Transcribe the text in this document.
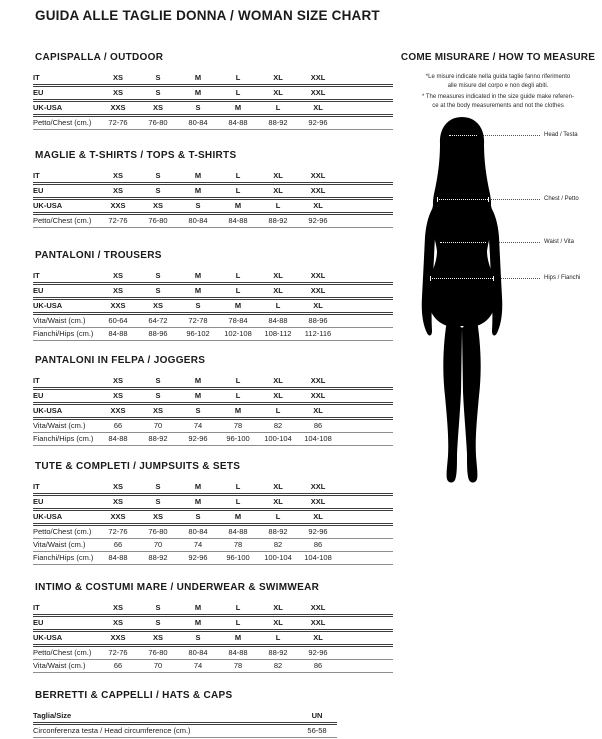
GUIDA ALLE TAGLIE DONNA / WOMAN SIZE CHART
CAPISPALLA / OUTDOOR
IT	XS	S	M	L	XL	XXL	
EU	XS	S	M	L	XL	XXL	
UK-USA	XXS	XS	S	M	L	XL	
Petto/Chest (cm.)	72-76	76-80	80-84	84-88	88-92	92-96	
MAGLIE & T-SHIRTS / TOPS & T-SHIRTS
IT	XS	S	M	L	XL	XXL	
EU	XS	S	M	L	XL	XXL	
UK-USA	XXS	XS	S	M	L	XL	
Petto/Chest (cm.)	72-76	76-80	80-84	84-88	88-92	92-96	
PANTALONI / TROUSERS
IT	XS	S	M	L	XL	XXL	
EU	XS	S	M	L	XL	XXL	
UK-USA	XXS	XS	S	M	L	XL	
Vita/Waist (cm.)	60-64	64-72	72-78	78-84	84-88	88-96	
Fianchi/Hips (cm.)	84-88	88-96	96-102	102-108	108-112	112-116	
PANTALONI IN FELPA / JOGGERS
IT	XS	S	M	L	XL	XXL	
EU	XS	S	M	L	XL	XXL	
UK-USA	XXS	XS	S	M	L	XL	
Vita/Waist (cm.)	66	70	74	78	82	86	
Fianchi/Hips (cm.)	84-88	88-92	92-96	96-100	100-104	104-108	
TUTE & COMPLETI / JUMPSUITS & SETS
IT	XS	S	M	L	XL	XXL	
EU	XS	S	M	L	XL	XXL	
UK-USA	XXS	XS	S	M	L	XL	
Petto/Chest (cm.)	72-76	76-80	80-84	84-88	88-92	92-96	
Vita/Waist (cm.)	66	70	74	78	82	86	
Fianchi/Hips (cm.)	84-88	88-92	92-96	96-100	100-104	104-108	
INTIMO & COSTUMI MARE / UNDERWEAR & SWIMWEAR
IT	XS	S	M	L	XL	XXL	
EU	XS	S	M	L	XL	XXL	
UK-USA	XXS	XS	S	M	L	XL	
Petto/Chest (cm.)	72-76	76-80	80-84	84-88	88-92	92-96	
Vita/Waist (cm.)	66	70	74	78	82	86	
BERRETTI & CAPPELLI / HATS & CAPS
Taglia/Size	UN
Circonferenza testa / Head circumference (cm.)	56-58
COME MISURARE / HOW TO MEASURE
*Le misure indicate nella guida taglie fanno riferimento
alle misure del corpo e non degli abiti.
* The measures indicated in the size guide make referen-
ce at the body measurements and not the clothes
Head / Testa
Chest / Petto
Waist / Vita
Hips / Fianchi
